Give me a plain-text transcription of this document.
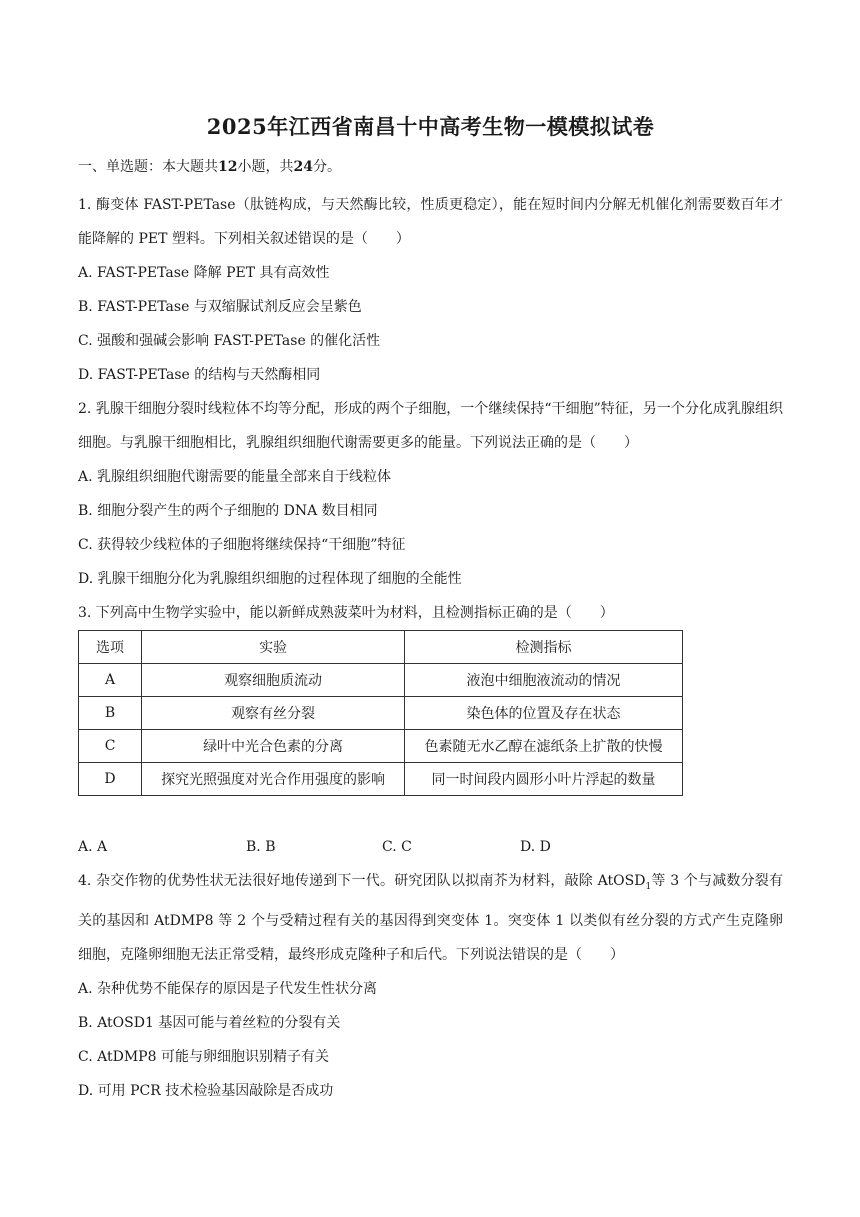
2025年江西省南昌十中高考生物一模模拟试卷

一、单选题：本大题共12小题，共24分。

1. 酶变体 FAST-PETase（肽链构成，与天然酶比较，性质更稳定），能在短时间内分解无机催化剂需要数百年才能降解的 PET 塑料。下列相关叙述错误的是（　　）

A. FAST-PETase 降解 PET 具有高效性

B. FAST-PETase 与双缩脲试剂反应会呈紫色

C. 强酸和强碱会影响 FAST-PETase 的催化活性

D. FAST-PETase 的结构与天然酶相同

2. 乳腺干细胞分裂时线粒体不均等分配，形成的两个子细胞，一个继续保持“干细胞”特征，另一个分化成乳腺组织细胞。与乳腺干细胞相比，乳腺组织细胞代谢需要更多的能量。下列说法正确的是（　　）

A. 乳腺组织细胞代谢需要的能量全部来自于线粒体

B. 细胞分裂产生的两个子细胞的 DNA 数目相同

C. 获得较少线粒体的子细胞将继续保持“干细胞”特征

D. 乳腺干细胞分化为乳腺组织细胞的过程体现了细胞的全能性

3. 下列高中生物学实验中，能以新鲜成熟菠菜叶为材料，且检测指标正确的是（　　）

选项	实验	检测指标
A	观察细胞质流动	液泡中细胞液流动的情况
B	观察有丝分裂	染色体的位置及存在状态
C	绿叶中光合色素的分离	色素随无水乙醇在滤纸条上扩散的快慢
D	探究光照强度对光合作用强度的影响	同一时间段内圆形小叶片浮起的数量
A. A	B. B	C. C	D. D

4. 杂交作物的优势性状无法很好地传递到下一代。研究团队以拟南芥为材料，敲除 AtOSD$_1$等 3 个与减数分裂有关的基因和 AtDMP8 等 2 个与受精过程有关的基因得到突变体 1。突变体 1 以类似有丝分裂的方式产生克隆卵细胞，克隆卵细胞无法正常受精，最终形成克隆种子和后代。下列说法错误的是（　　）

A. 杂种优势不能保存的原因是子代发生性状分离

B. AtOSD1 基因可能与着丝粒的分裂有关

C. AtDMP8 可能与卵细胞识别精子有关

D. 可用 PCR 技术检验基因敲除是否成功
